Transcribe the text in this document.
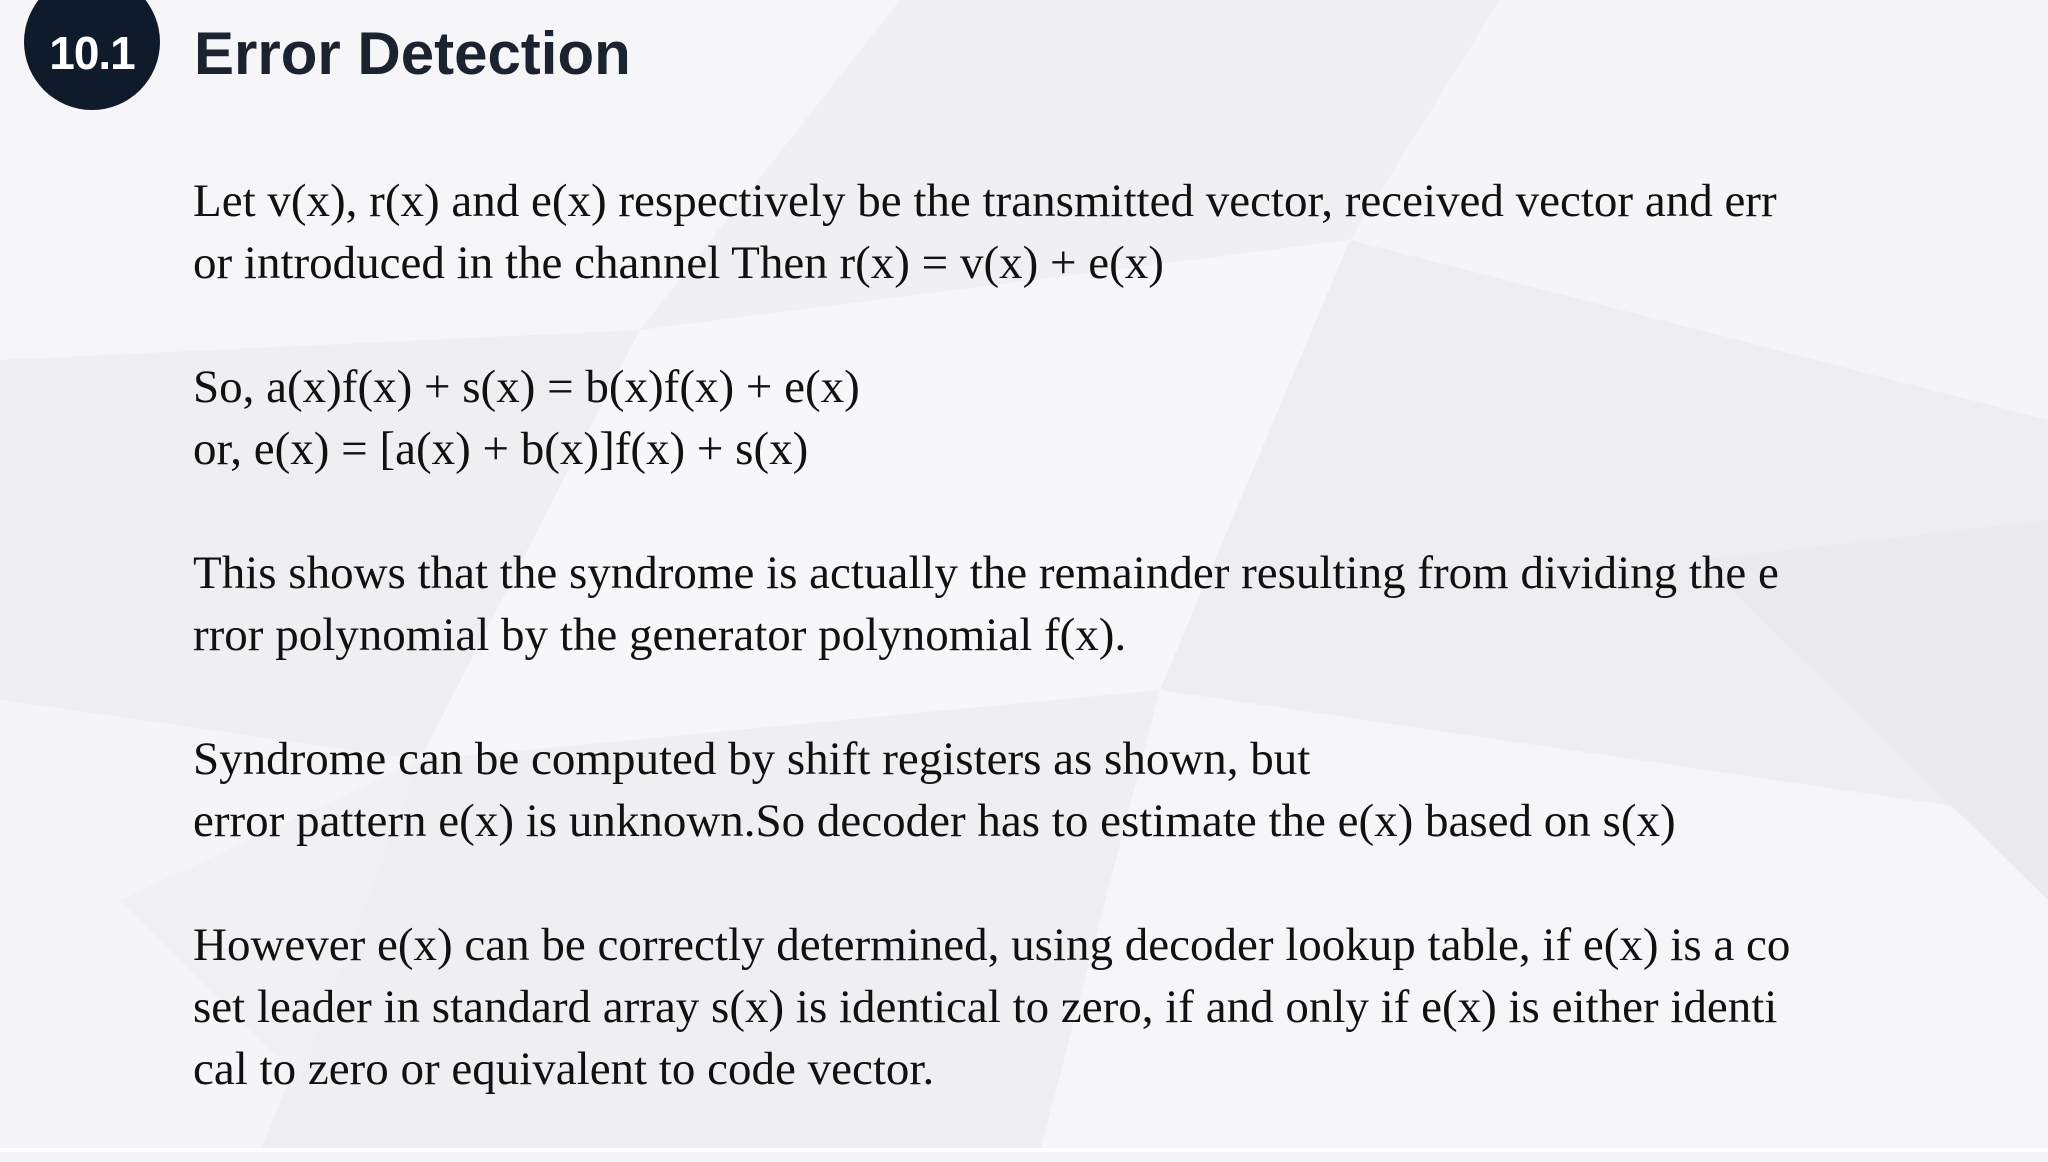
10.1 Error Detection

Let v(x), r(x) and e(x) respectively be the transmitted vector, received vector and err
or introduced in the channel Then r(x) = v(x) + e(x)

So, a(x)f(x) + s(x) = b(x)f(x) + e(x)
or, e(x) = [a(x) + b(x)]f(x) + s(x)

This shows that the syndrome is actually the remainder resulting from dividing the e
rror polynomial by the generator polynomial f(x).

Syndrome can be computed by shift registers as shown, but
error pattern e(x) is unknown.So decoder has to estimate the e(x) based on s(x)

However e(x) can be correctly determined, using decoder lookup table, if e(x) is a co
set leader in standard array s(x) is identical to zero, if and only if e(x) is either identi
cal to zero or equivalent to code vector.
